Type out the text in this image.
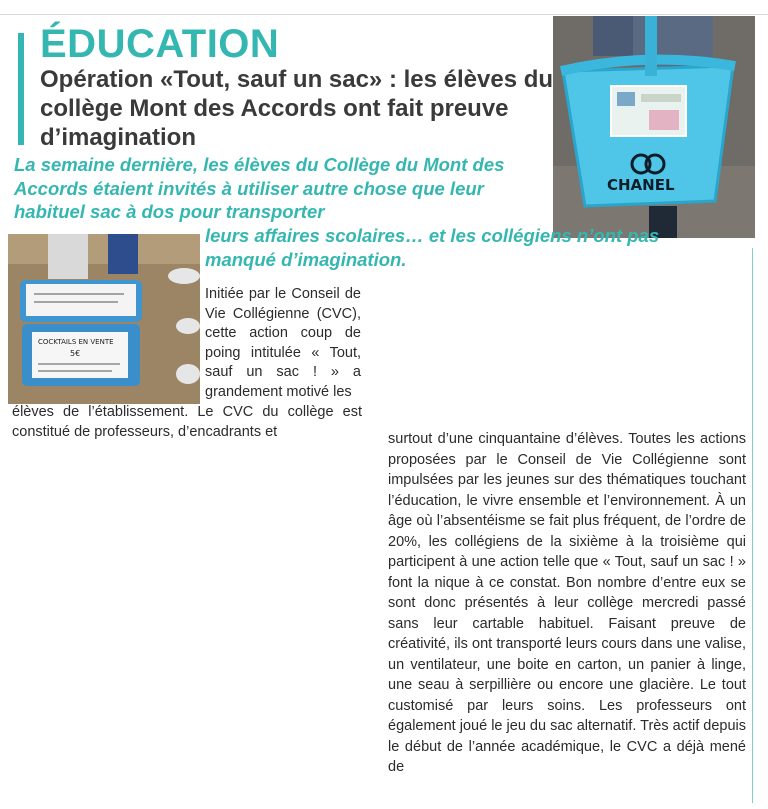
ÉDUCATION
Opération «Tout, sauf un sac» : les élèves du collège Mont des Accords ont fait preuve d’imagination
CHANEL
COCKTAILS EN VENTE
5€
La semaine dernière, les élèves du Collège du Mont des Accords étaient invités à utiliser autre chose que leur habituel sac à dos pour transporter
leurs affaires scolaires… et les collégiens n’ont pas manqué d’imagination.
Initiée par le Conseil de Vie Collégienne (CVC), cette action coup de poing intitulée « Tout, sauf un sac ! » a grandement motivé les
élèves de l’établissement. Le CVC du collège est constitué de professeurs, d’encadrants et	surtout d’une cinquantaine d’élèves. Toutes les actions proposées par le Conseil de Vie Collégienne sont impulsées par les jeunes sur des thématiques touchant l’éducation, le vivre ensemble et l’environnement. À un âge où l’absentéisme se fait plus fréquent, de l’ordre de 20%, les collégiens de la sixième à la troisième qui participent à une action telle que « Tout, sauf un sac ! » font la nique à ce constat. Bon nombre d’entre eux se sont donc présentés à leur collège mercredi passé sans leur cartable habituel. Faisant preuve de créativité, ils ont transporté leurs cours dans une valise, un ventilateur, une boite en carton, un panier à linge, une seau à serpillière ou encore une glacière. Le tout customisé par leurs soins. Les professeurs ont également joué le jeu du sac alternatif. Très actif depuis le début de l’année académique, le CVC a déjà mené de
